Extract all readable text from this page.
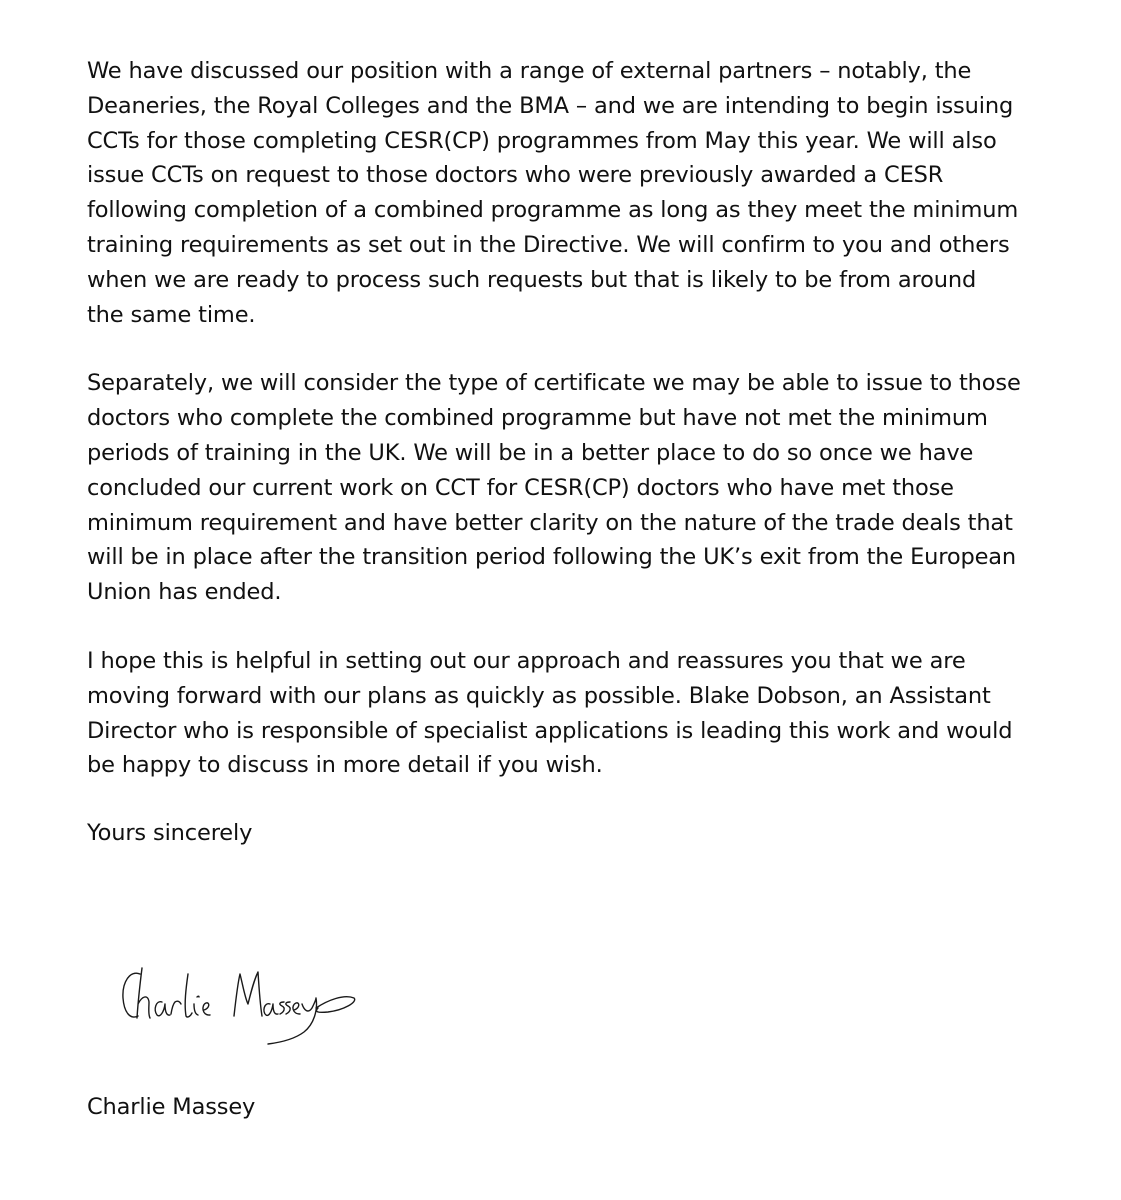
We have discussed our position with a range of external partners – notably, the
Deaneries, the Royal Colleges and the BMA – and we are intending to begin issuing
CCTs for those completing CESR(CP) programmes from May this year. We will also
issue CCTs on request to those doctors who were previously awarded a CESR
following completion of a combined programme as long as they meet the minimum
training requirements as set out in the Directive. We will confirm to you and others
when we are ready to process such requests but that is likely to be from around
the same time.

Separately, we will consider the type of certificate we may be able to issue to those
doctors who complete the combined programme but have not met the minimum
periods of training in the UK. We will be in a better place to do so once we have
concluded our current work on CCT for CESR(CP) doctors who have met those
minimum requirement and have better clarity on the nature of the trade deals that
will be in place after the transition period following the UK’s exit from the European
Union has ended.

I hope this is helpful in setting out our approach and reassures you that we are
moving forward with our plans as quickly as possible. Blake Dobson, an Assistant
Director who is responsible of specialist applications is leading this work and would
be happy to discuss in more detail if you wish.

Yours sincerely

Charlie Massey
